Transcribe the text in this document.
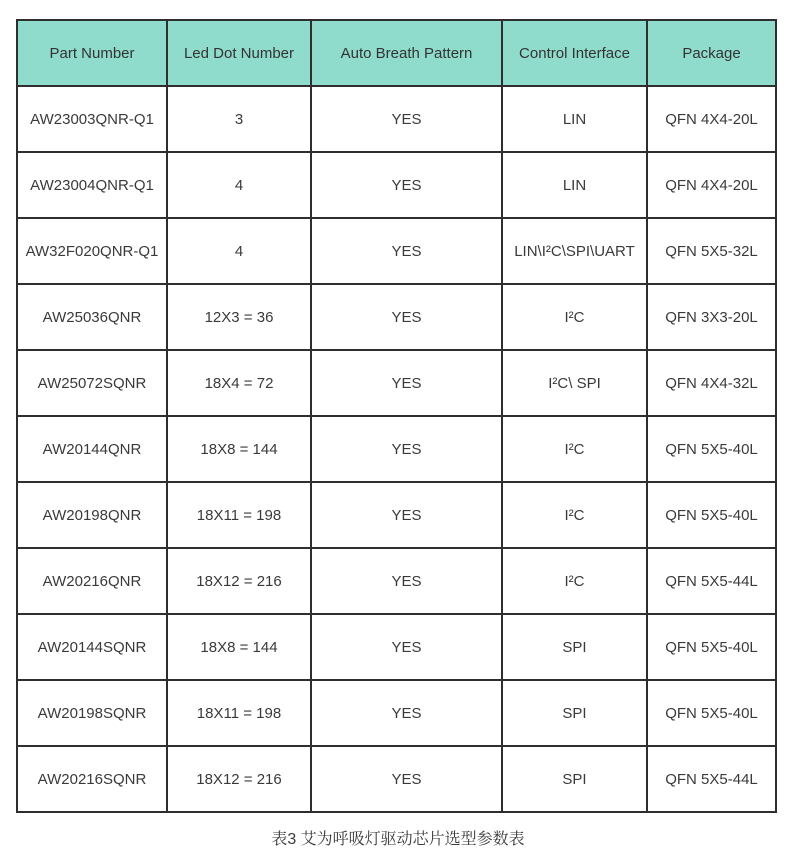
Part Number	Led Dot Number	Auto Breath Pattern	Control Interface	Package
AW23003QNR-Q1	3	YES	LIN	QFN 4X4-20L
AW23004QNR-Q1	4	YES	LIN	QFN 4X4-20L
AW32F020QNR-Q1	4	YES	LIN\I²C\SPI\UART	QFN 5X5-32L
AW25036QNR	12X3 = 36	YES	I²C	QFN 3X3-20L
AW25072SQNR	18X4 = 72	YES	I²C\ SPI	QFN 4X4-32L
AW20144QNR	18X8 = 144	YES	I²C	QFN 5X5-40L
AW20198QNR	18X11 = 198	YES	I²C	QFN 5X5-40L
AW20216QNR	18X12 = 216	YES	I²C	QFN 5X5-44L
AW20144SQNR	18X8 = 144	YES	SPI	QFN 5X5-40L
AW20198SQNR	18X11 = 198	YES	SPI	QFN 5X5-40L
AW20216SQNR	18X12 = 216	YES	SPI	QFN 5X5-44L
表3 艾为呼吸灯驱动芯片选型参数表
